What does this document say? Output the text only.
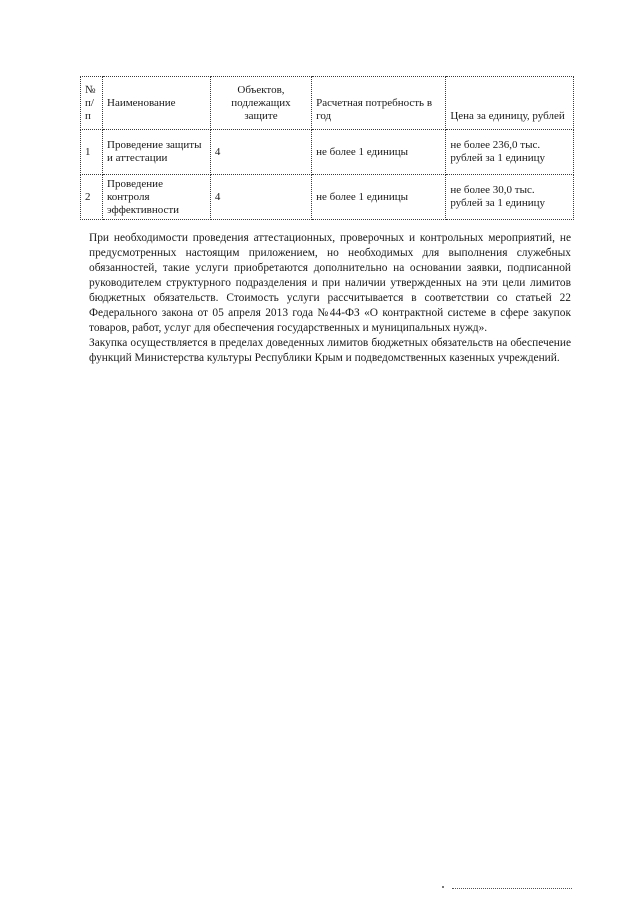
№ п/п	Наименование	Объектов, подлежащих защите	Расчетная потребность в год	Цена за единицу, рублей
1	Проведение защиты и аттестации	4	не более 1 единицы	не более 236,0 тыс. рублей за 1 единицу
2	Проведение контроля эффективности	4	не более 1 единицы	не более 30,0 тыс. рублей за 1 единицу

При необходимости проведения аттестационных, проверочных и контрольных мероприятий, не предусмотренных настоящим приложением, но необходимых для выполнения служебных обязанностей, такие услуги приобретаются дополнительно на основании заявки, подписанной руководителем структурного подразделения и при наличии утвержденных на эти цели лимитов бюджетных обязательств. Стоимость услуги рассчитывается в соответствии со статьей 22 Федерального закона от 05 апреля 2013 года №44-ФЗ «О контрактной системе в сфере закупок товаров, работ, услуг для обеспечения государственных и муниципальных нужд».

Закупка осуществляется в пределах доведенных лимитов бюджетных обязательств на обеспечение функций Министерства культуры Республики Крым и подведомственных казенных учреждений.
